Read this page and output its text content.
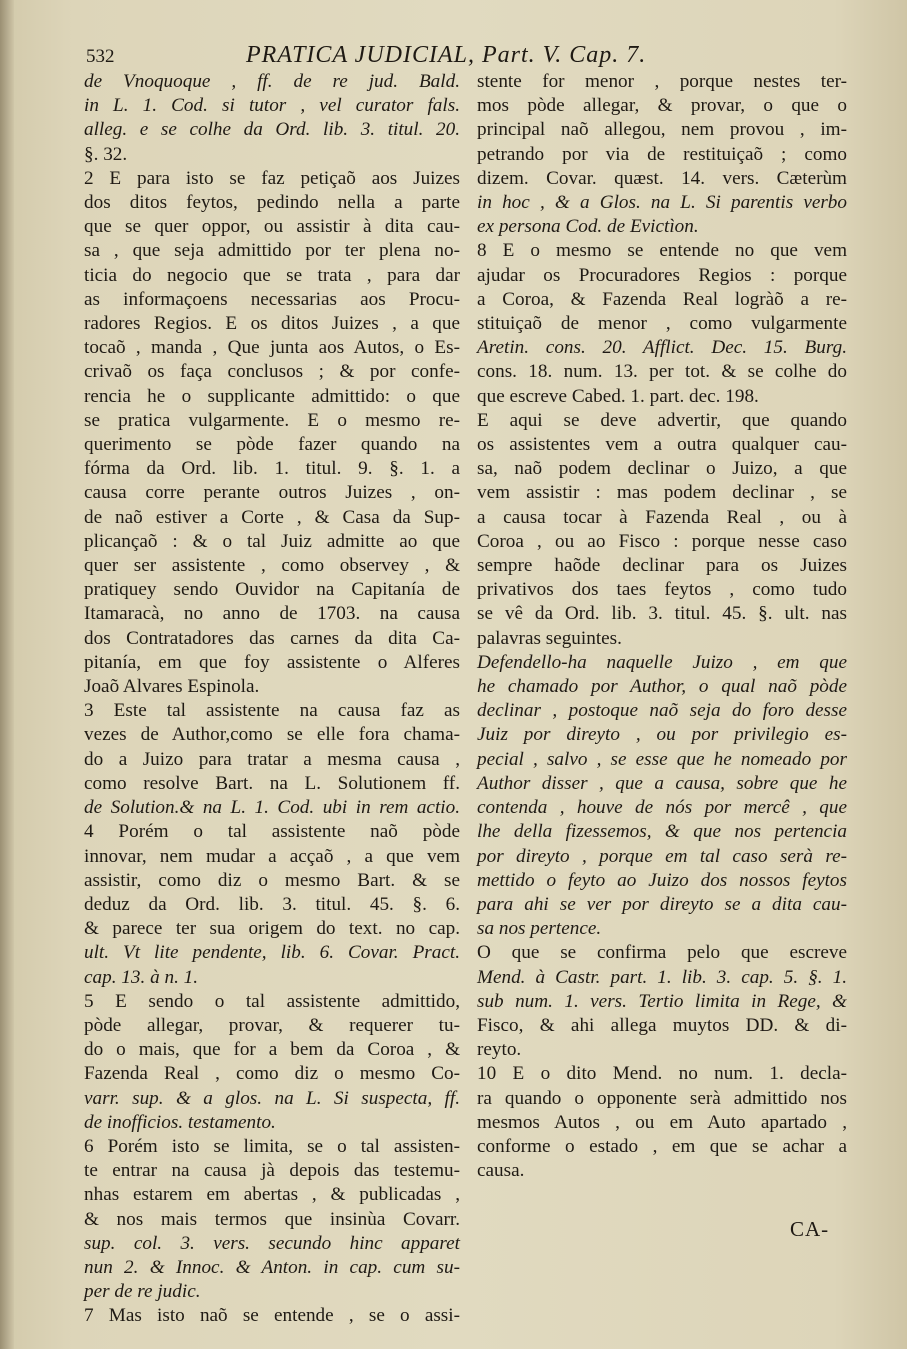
532	PRATICA JUDICIAL, Part. V. Cap. 7.
de Vnoquoque , ff. de re jud. Bald.
in L. 1. Cod. si tutor , vel curator fals.
alleg. e se colhe da Ord. lib. 3. titul. 20.
§. 32.
2 E para isto se faz petiçaõ aos Juizes
dos ditos feytos, pedindo nella a parte
que se quer oppor, ou assistir à dita cau-
sa , que seja admittido por ter plena no-
ticia do negocio que se trata , para dar
as informaçoens necessarias aos Procu-
radores Regios. E os ditos Juizes , a que
tocaõ , manda , Que junta aos Autos, o Es-
crivaõ os faça conclusos ; & por confe-
rencia he o supplicante admittido: o que
se pratica vulgarmente. E o mesmo re-
querimento se pòde fazer quando na
fórma da Ord. lib. 1. titul. 9. §. 1. a
causa corre perante outros Juizes , on-
de naõ estiver a Corte , & Casa da Sup-
plicançaõ : & o tal Juiz admitte ao que
quer ser assistente , como observey , &
pratiquey sendo Ouvidor na Capitanía de
Itamaracà, no anno de 1703. na causa
dos Contratadores das carnes da dita Ca-
pitanía, em que foy assistente o Alferes
Joaõ Alvares Espinola.
3 Este tal assistente na causa faz as
vezes de Author,como se elle fora chama-
do a Juizo para tratar a mesma causa ,
como resolve Bart. na L. Solutionem ff.
de Solution.& na L. 1. Cod. ubi in rem actio.
4 Porém o tal assistente naõ pòde
innovar, nem mudar a acçaõ , a que vem
assistir, como diz o mesmo Bart. & se
deduz da Ord. lib. 3. titul. 45. §. 6.
& parece ter sua origem do text. no cap.
ult. Vt lite pendente, lib. 6. Covar. Pract.
cap. 13. à n. 1.
5 E sendo o tal assistente admittido,
pòde allegar, provar, & requerer tu-
do o mais, que for a bem da Coroa , &
Fazenda Real , como diz o mesmo Co-
varr. sup. & a glos. na L. Si suspecta, ff.
de inofficios. testamento.
6 Porém isto se limita, se o tal assisten-
te entrar na causa jà depois das testemu-
nhas estarem em abertas , & publicadas ,
& nos mais termos que insinùa Covarr.
sup. col. 3. vers. secundo hinc apparet
nun 2. & Innoc. & Anton. in cap. cum su-
per de re judic.
7 Mas isto naõ se entende , se o assi-
stente for menor , porque nestes ter-
mos pòde allegar, & provar, o que o
principal naõ allegou, nem provou , im-
petrando por via de restituiçaõ ; como
dizem. Covar. quæst. 14. vers. Cæterùm
in hoc , & a Glos. na L. Si parentis verbo
ex persona Cod. de Evictìon.
8 E o mesmo se entende no que vem
ajudar os Procuradores Regios : porque
a Coroa, & Fazenda Real logràõ a re-
stituiçaõ de menor , como vulgarmente
Aretin. cons. 20. Afflict. Dec. 15. Burg.
cons. 18. num. 13. per tot. & se colhe do
que escreve Cabed. 1. part. dec. 198.
E aqui se deve advertir, que quando
os assistentes vem a outra qualquer cau-
sa, naõ podem declinar o Juizo, a que
vem assistir : mas podem declinar , se
a causa tocar à Fazenda Real , ou à
Coroa , ou ao Fisco : porque nesse caso
sempre haõde declinar para os Juizes
privativos dos taes feytos , como tudo
se vê da Ord. lib. 3. titul. 45. §. ult. nas
palavras seguintes.
Defendello-ha naquelle Juizo , em que
he chamado por Author, o qual naõ pòde
declinar , postoque naõ seja do foro desse
Juiz por direyto , ou por privilegio es-
pecial , salvo , se esse que he nomeado por
Author disser , que a causa, sobre que he
contenda , houve de nós por mercê , que
lhe della fizessemos, & que nos pertencia
por direyto , porque em tal caso serà re-
mettido o feyto ao Juizo dos nossos feytos
para ahi se ver por direyto se a dita cau-
sa nos pertence.
O que se confirma pelo que escreve
Mend. à Castr. part. 1. lib. 3. cap. 5. §. 1.
sub num. 1. vers. Tertio limita in Rege, &
Fisco, & ahi allega muytos DD. & di-
reyto.
10 E o dito Mend. no num. 1. decla-
ra quando o opponente serà admittido nos
mesmos Autos , ou em Auto apartado ,
conforme o estado , em que se achar a
causa.
CA-
